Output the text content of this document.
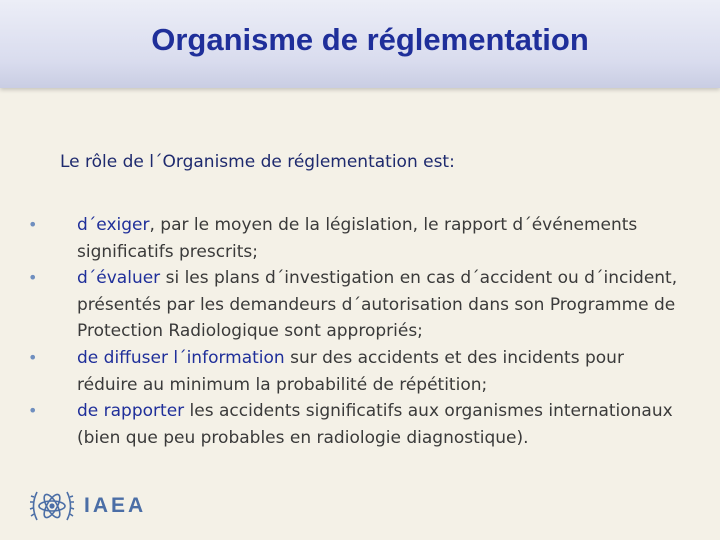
Organisme de réglementation

Le rôle de l´Organisme de réglementation est:

• d´exiger, par le moyen de la législation, le rapport d´événements significatifs prescrits;
• d´évaluer si les plans d´investigation en cas d´accident ou d´incident, présentés par les demandeurs d´autorisation dans son Programme de Protection Radiologique sont appropriés;
• de diffuser l´information sur des accidents et des incidents pour réduire au minimum la probabilité de répétition;
• de rapporter les accidents significatifs aux organismes internationaux (bien que peu probables en radiologie diagnostique).
IAEA
